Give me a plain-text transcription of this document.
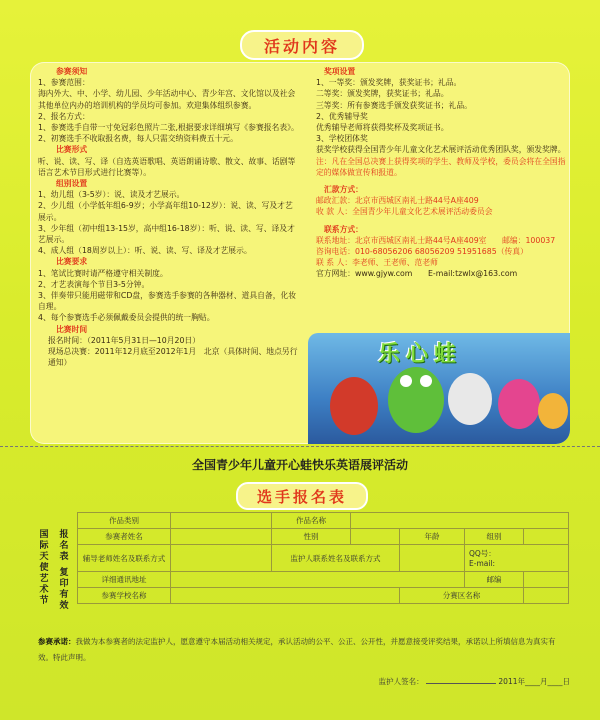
活动内容
参赛须知
1、参赛范围：
海内外大、中、小学、幼儿园、少年活动中心、青少年宫、文化馆以及社会其他单位内办的培训机构的学员均可参加。欢迎集体组织参赛。
2、报名方式：
1、参赛选手自带一寸免冠彩色照片二张,根据要求详细填写《参赛报名表》。
2、初赛选手不收取报名费，每人只需交纳资料费五十元。
比赛形式
听、说、读、写、译（自选英语歌唱、英语朗诵诗歌、散文、故事、话剧等语言艺术节目形式进行比赛等）。
组别设置
1、幼儿组（3-5岁）：说、读及才艺展示。
2、少儿组（小学低年组6-9岁；小学高年组10-12岁）：说、读、写及才艺展示。
3、少年组（初中组13-15岁，高中组16-18岁）：听、说、读、写、译及才艺展示。
4、成人组（18周岁以上）：听、说、读、写、译及才艺展示。
比赛要求
1、笔试比赛时请严格遵守相关制度。
2、才艺表演每个节目3-5分钟。
3、伴奏带只能用磁带和CD盘，参赛选手参赛的各种器材、道具自备，化妆自理。
4、每个参赛选手必须佩戴委员会提供的统一胸贴。
比赛时间
报名时间：（2011年5月31日—10月20日）
现场总决赛：2011年12月底至2012年1月　北京（具体时间、地点另行通知）
奖项设置
1、一等奖：颁发奖牌，获奖证书；礼品。
二等奖：颁发奖牌，获奖证书；礼品。
三等奖：所有参赛选手颁发获奖证书；礼品。
2、优秀辅导奖
优秀辅导老师将获得奖杯及奖项证书。
3、学校团体奖
获奖学校获得全国青少年儿童文化艺术展评活动优秀团队奖，颁发奖牌。
注：凡在全国总决赛上获得奖项的学生、教师及学校，委员会将在全国指定的媒体做宣传和报道。
汇款方式：
邮政汇款：北京市西城区南礼士路44号A座409
收 款 人：全国青少年儿童文化艺术展评活动委员会
联系方式：
联系地址：北京市西城区南礼士路44号A座409室　　邮编：100037
咨询电话：010-68056206 68056209 51951685（传真）
联 系 人：李老师、王老师、范老师
官方网址：www.gjyw.com　　E-mail:tzwlx@163.com
乐心蛙
全国青少年儿童开心蛙快乐英语展评活动
选手报名表
国际天使艺术节
报名表
复印有效
作品类别		作品名称				
参赛者姓名		性别		年龄	组别	
辅导老师姓名及联系方式		监护人联系姓名及联系方式			QQ号：
E-mail:	

详细通讯地址					邮编	
参赛学校名称				分赛区名称		
参赛承诺：我做为本参赛者的法定监护人，愿意遵守本届活动相关规定，承认活动的公平、公正、公开性，并愿意接受评奖结果，承诺以上所填信息为真实有效。特此声明。
监护人签名：	2011年____月____日
